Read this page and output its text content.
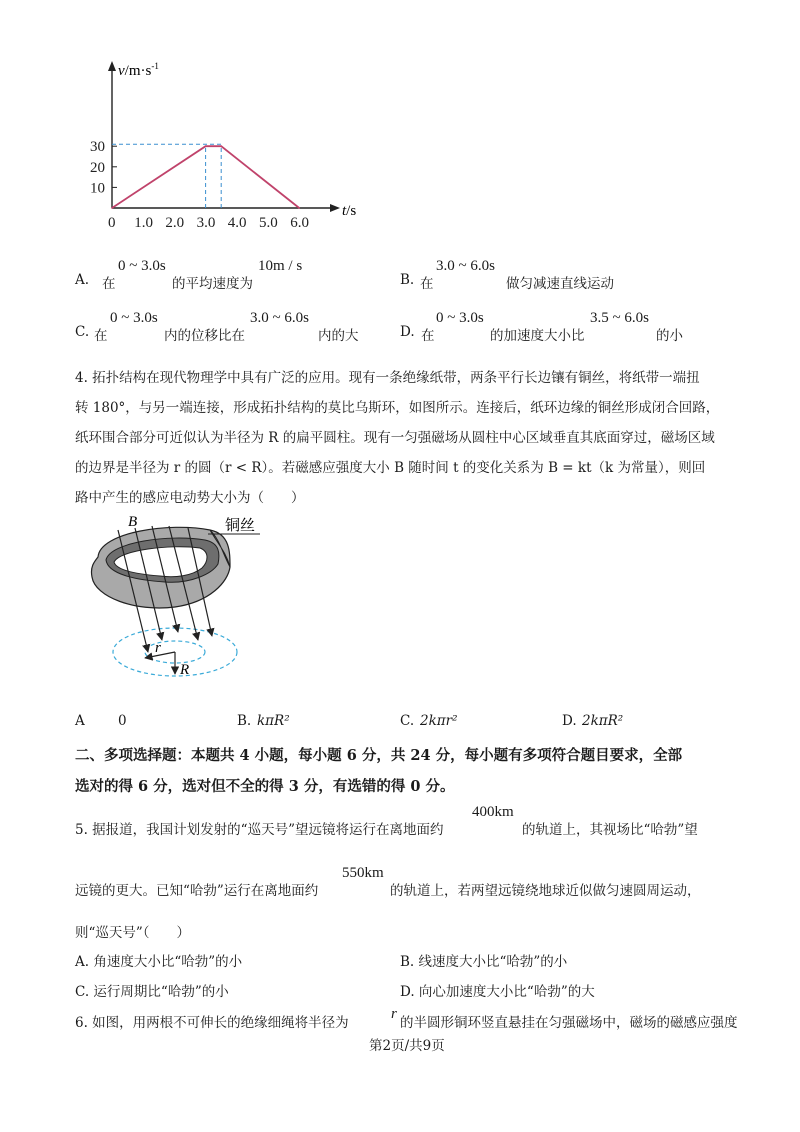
0 1.0 2.0 3.0 4.0 5.0 6.0
10
20
30
$v/m\cdot s^{-1}$
t/s
A. 在
0 ~ 3.0s
的平均速度为
10m / s
B. 在
3.0 ~ 6.0s
做匀减速直线运动
C. 在
0 ~ 3.0s
内的位移比在
3.0 ~ 6.0s
内的大	D. 在
0 ~ 3.0s
的加速度大小比
3.5 ~ 6.0s
的小
4. 拓扑结构在现代物理学中具有广泛的应用。现有一条绝缘纸带，两条平行长边镶有铜丝，将纸带一端扭
转 180°，与另一端连接，形成拓扑结构的莫比乌斯环，如图所示。连接后，纸环边缘的铜丝形成闭合回路，
纸环围合部分可近似认为半径为 R 的扁平圆柱。现有一匀强磁场从圆柱中心区域垂直其底面穿过，磁场区域
的边界是半径为 r 的圆（r < R）。若磁感应强度大小 B 随时间 t 的变化关系为 B = kt（k 为常量），则回
路中产生的感应电动势大小为（　　）
B	铜丝
r
R
A 0	B. kπR²	C. 2kπr²	D. 2kπR²
二、多项选择题：本题共 4 小题，每小题 6 分，共 24 分，每小题有多项符合题目要求，全部
选对的得 6 分，选对但不全的得 3 分，有选错的得 0 分。
5. 据报道，我国计划发射的“巡天号”望远镜将运行在离地面约
400km
的轨道上，其视场比“哈勃”望
远镜的更大。已知“哈勃”运行在离地面约
550km
的轨道上，若两望远镜绕地球近似做匀速圆周运动，
则“巡天号”（　　）
A. 角速度大小比“哈勃”的小	B. 线速度大小比“哈勃”的小
C. 运行周期比“哈勃”的小	D. 向心加速度大小比“哈勃”的大
6. 如图，用两根不可伸长的绝缘细绳将半径为
r
的半圆形铜环竖直悬挂在匀强磁场中，磁场的磁感应强度
第2页/共9页
